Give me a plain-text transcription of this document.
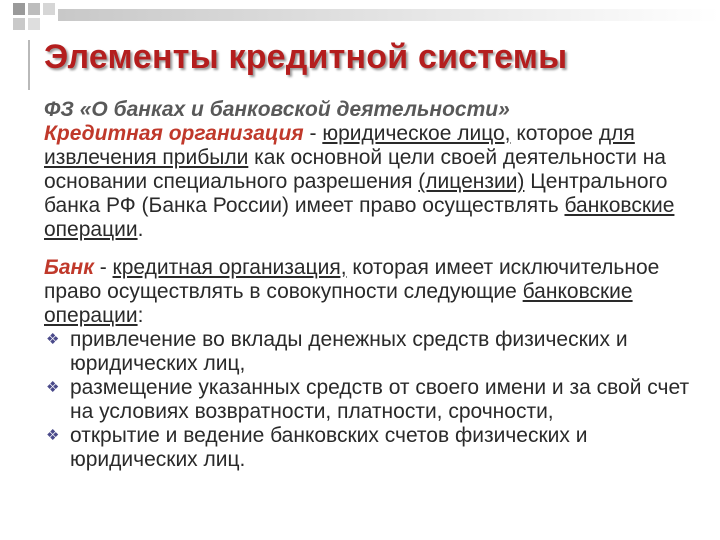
Элементы кредитной системы

ФЗ «О банках и банковской деятельности»

Кредитная организация - юридическое лицо, которое для извлечения прибыли как основной цели своей деятельности на основании специального разрешения (лицензии) Центрального банка РФ (Банка России) имеет право осуществлять банковские операции.

Банк - кредитная организация, которая имеет исключительное право осуществлять в совокупности следующие банковские операции:

❖ привлечение во вклады денежных средств физических и юридических лиц,
❖ размещение указанных средств от своего имени и за свой счет на условиях возвратности, платности, срочности,
❖ открытие и ведение банковских счетов физических и юридических лиц.
